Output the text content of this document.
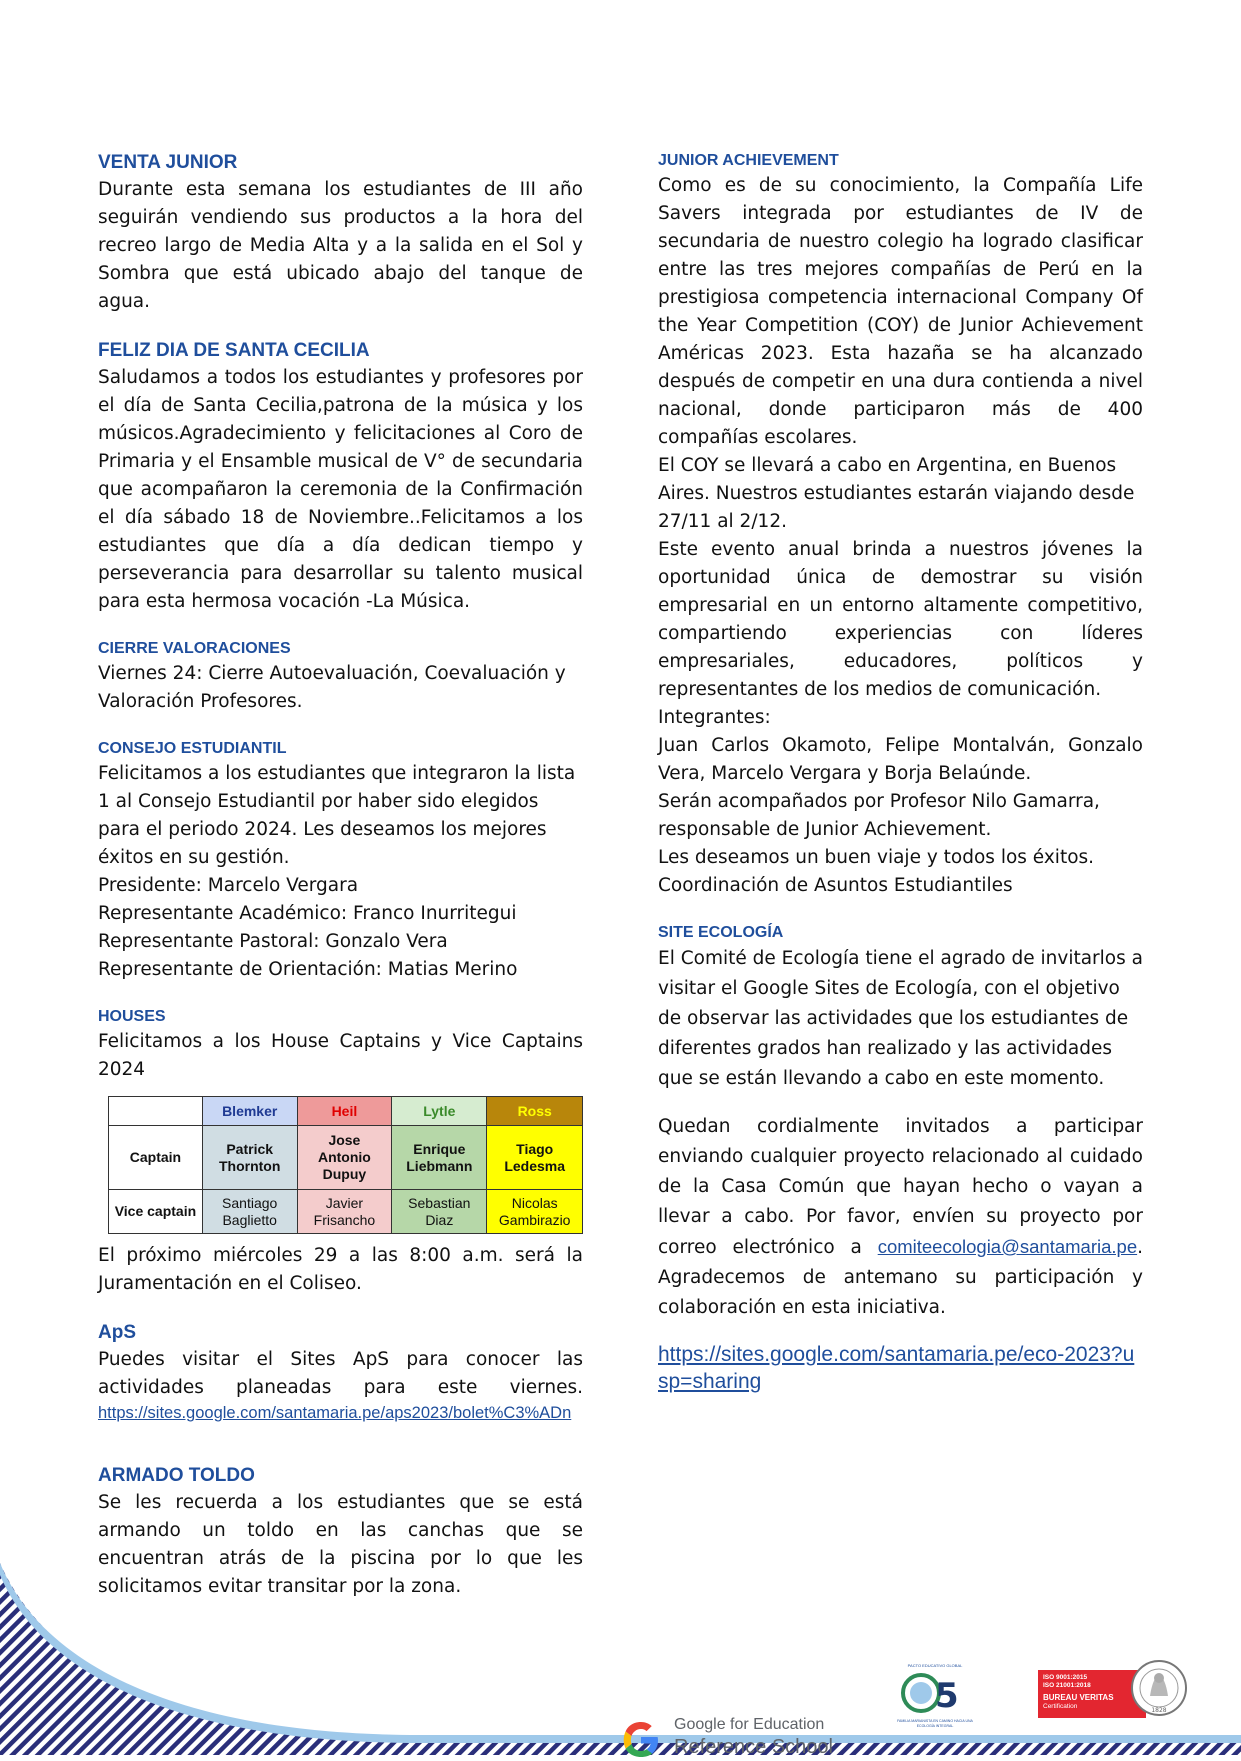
VENTA JUNIOR

Durante esta semana los estudiantes de III año seguirán vendiendo sus productos a la hora del recreo largo de Media Alta y a la salida en el Sol y Sombra que está ubicado abajo del tanque de agua.

FELIZ DIA DE SANTA CECILIA

Saludamos a todos los estudiantes y profesores por el día de Santa Cecilia,patrona de la música y los músicos.Agradecimiento y felicitaciones al Coro de Primaria y el Ensamble musical de V° de secundaria que acompañaron la ceremonia de la Confirmación el día sábado 18 de Noviembre..Felicitamos a los estudiantes que día a día dedican tiempo y perseverancia para desarrollar su talento musical para esta hermosa vocación -La Música.

CIERRE VALORACIONES

Viernes 24: Cierre Autoevaluación, Coevaluación y Valoración Profesores.

CONSEJO ESTUDIANTIL

Felicitamos a los estudiantes que integraron la lista 1 al Consejo Estudiantil por haber sido elegidos para el periodo 2024. Les deseamos los mejores éxitos en su gestión.

Presidente: Marcelo Vergara
Representante Académico: Franco Inurritegui
Representante Pastoral: Gonzalo Vera
Representante de Orientación: Matias Merino
HOUSES

Felicitamos a los House Captains y Vice Captains 2024

	Blemker	Heil	Lytle	Ross
Captain	Patrick Thornton	Jose Antonio Dupuy	Enrique Liebmann	Tiago Ledesma
Vice captain	Santiago Baglietto	Javier Frisancho	Sebastian Diaz	Nicolas Gambirazio

El próximo miércoles 29 a las 8:00 a.m. será la Juramentación en el Coliseo.

ApS

Puedes visitar el Sites ApS para conocer las actividades planeadas para este viernes.

https://sites.google.com/santamaria.pe/aps2023/bolet%C3%ADn
ARMADO TOLDO

Se les recuerda a los estudiantes que se está armando un toldo en las canchas que se encuentran atrás de la piscina por lo que les solicitamos evitar transitar por la zona.

JUNIOR ACHIEVEMENT

Como es de su conocimiento, la Compañía Life Savers integrada por estudiantes de IV de secundaria de nuestro colegio ha logrado clasificar entre las tres mejores compañías de Perú en la prestigiosa competencia internacional Company Of the Year Competition (COY) de Junior Achievement Américas 2023. Esta hazaña se ha alcanzado después de competir en una dura contienda a nivel nacional, donde participaron más de 400 compañías escolares.

El COY se llevará a cabo en Argentina, en Buenos Aires. Nuestros estudiantes estarán viajando desde 27/11 al 2/12.

Este evento anual brinda a nuestros jóvenes la oportunidad única de demostrar su visión empresarial en un entorno altamente competitivo, compartiendo experiencias con líderes empresariales, educadores, políticos y representantes de los medios de comunicación.

Integrantes:

Juan Carlos Okamoto, Felipe Montalván, Gonzalo Vera, Marcelo Vergara y Borja Belaúnde.

Serán acompañados por Profesor Nilo Gamarra, responsable de Junior Achievement.

Les deseamos un buen viaje y todos los éxitos.
Coordinación de Asuntos Estudiantiles
SITE ECOLOGÍA

El Comité de Ecología tiene el agrado de invitarlos a visitar el Google Sites de Ecología, con el objetivo de observar las actividades que los estudiantes de diferentes grados han realizado y las actividades que se están llevando a cabo en este momento.

Quedan cordialmente invitados a participar enviando cualquier proyecto relacionado al cuidado de la Casa Común que hayan hecho o vayan a llevar a cabo. Por favor, envíen su proyecto por correo electrónico a comiteecologia@santamaria.pe. Agradecemos de antemano su participación y colaboración en esta iniciativa.

https://sites.google.com/santamaria.pe/eco-2023?usp=sharing
Google for Education
Reference School
PACTO EDUCATIVO GLOBAL
5
FAMILIA MARIANISTA EN CAMINO HACIA UNA ECOLOGÍA INTEGRAL
ISO 9001:2015
ISO 21001:2018
BUREAU VERITAS
Certification
1828
